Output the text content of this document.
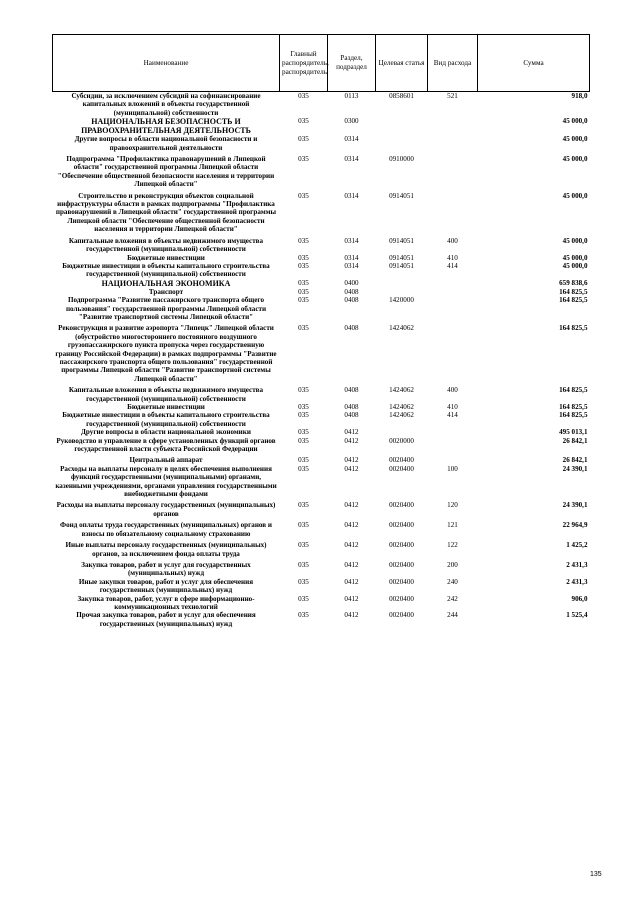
Наименование	Главный распорядитель, распорядитель	Раздел, подраздел	Целевая статья	Вид расхода	Сумма
Субсидии, за исключением субсидий на софинансирование капитальных вложений в объекты государственной (муниципальной) собственности	035	0113	0858601	521	918,0
НАЦИОНАЛЬНАЯ БЕЗОПАСНОСТЬ И ПРАВООХРАНИТЕЛЬНАЯ ДЕЯТЕЛЬНОСТЬ	035	0300			45 000,0
Другие вопросы в области национальной безопасности и правоохранительной деятельности	035	0314			45 000,0
Подпрограмма "Профилактика правонарушений в Липецкой области" государственной программы Липецкой области "Обеспечение общественной безопасности населения и территории Липецкой области"	035	0314	0910000		45 000,0
Строительство и реконструкция объектов социальной инфраструктуры области в рамках подпрограммы "Профилактика правонарушений в Липецкой области" государственной программы Липецкой области "Обеспечение общественной безопасности населения и территории Липецкой области"	035	0314	0914051		45 000,0
Капитальные вложения в объекты недвижимого имущества государственной (муниципальной) собственности	035	0314	0914051	400	45 000,0
Бюджетные инвестиции	035	0314	0914051	410	45 000,0
Бюджетные инвестиции в объекты капитального строительства государственной (муниципальной) собственности	035	0314	0914051	414	45 000,0
НАЦИОНАЛЬНАЯ ЭКОНОМИКА	035	0400			659 838,6
Транспорт	035	0408			164 825,5
Подпрограмма "Развитие пассажирского транспорта общего пользования" государственной программы Липецкой области "Развитие транспортной системы Липецкой области"	035	0408	1420000		164 825,5
Реконструкция и развитие аэропорта "Липецк" Липецкой области (обустройство многостороннего постоянного воздушного грузопассажирского пункта пропуска через государственную границу Российской Федерации) в рамках подпрограммы "Развитие пассажирского транспорта общего пользования" государственной программы Липецкой области "Развитие транспортной системы Липецкой области"	035	0408	1424062		164 825,5
Капитальные вложения в объекты недвижимого имущества государственной (муниципальной) собственности	035	0408	1424062	400	164 825,5
Бюджетные инвестиции	035	0408	1424062	410	164 825,5
Бюджетные инвестиции в объекты капитального строительства государственной (муниципальной) собственности	035	0408	1424062	414	164 825,5
Другие вопросы в области национальной экономики	035	0412			495 013,1
Руководство и управление в сфере установленных функций органов государственной власти субъекта Российской Федерации	035	0412	0020000		26 842,1
Центральный аппарат	035	0412	0020400		26 842,1
Расходы на выплаты персоналу в целях обеспечения выполнения функций государственными (муниципальными) органами, казенными учреждениями, органами управления государственными внебюджетными фондами	035	0412	0020400	100	24 390,1
Расходы на выплаты персоналу государственных (муниципальных) органов	035	0412	0020400	120	24 390,1
Фонд оплаты труда государственных (муниципальных) органов и взносы по обязательному социальному страхованию	035	0412	0020400	121	22 964,9
Иные выплаты персоналу государственных (муниципальных) органов, за исключением фонда оплаты труда	035	0412	0020400	122	1 425,2
Закупка товаров, работ и услуг для государственных (муниципальных) нужд	035	0412	0020400	200	2 431,3
Иные закупки товаров, работ и услуг для обеспечения государственных (муниципальных) нужд	035	0412	0020400	240	2 431,3
Закупка товаров, работ, услуг в сфере информационно-коммуникационных технологий	035	0412	0020400	242	906,0
Прочая закупка товаров, работ и услуг для обеспечения государственных (муниципальных) нужд	035	0412	0020400	244	1 525,4
135
